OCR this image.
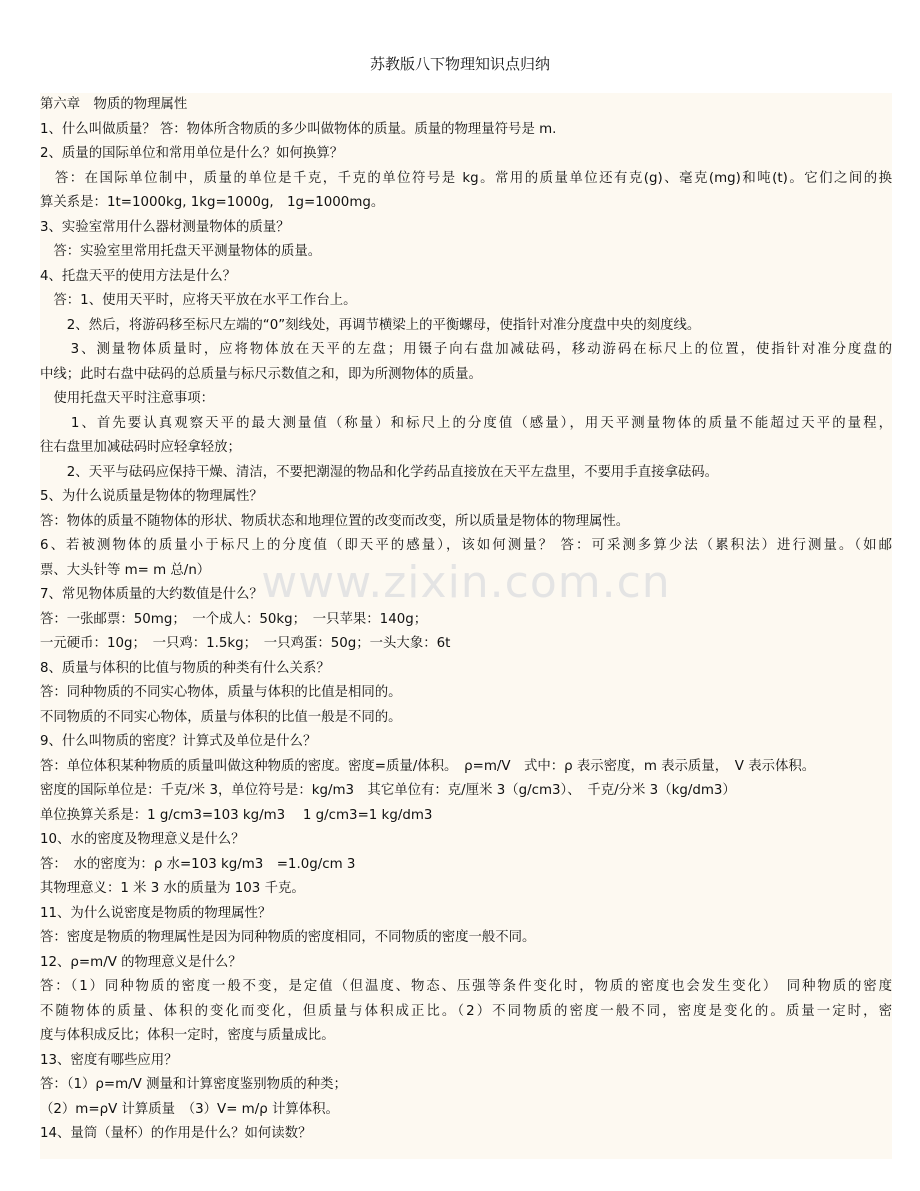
苏教版八下物理知识点归纳
第六章　物质的物理属性
1、什么叫做质量？ 答：物体所含物质的多少叫做物体的质量。质量的物理量符号是 m.
2、质量的国际单位和常用单位是什么？如何换算？
　答：在国际单位制中，质量的单位是千克，千克的单位符号是 kg。常用的质量单位还有克(g)、毫克(mg)和吨(t)。它们之间的换
算关系是：1t=1000kg, 1kg=1000g,　1g=1000mg。
3、实验室常用什么器材测量物体的质量？
　答：实验室里常用托盘天平测量物体的质量。
4、托盘天平的使用方法是什么？
　答：1、使用天平时，应将天平放在水平工作台上。
　　2、然后，将游码移至标尺左端的“0”刻线处，再调节横梁上的平衡螺母，使指针对准分度盘中央的刻度线。
　　3、测量物体质量时，应将物体放在天平的左盘；用镊子向右盘加减砝码，移动游码在标尺上的位置，使指针对准分度盘的
中线；此时右盘中砝码的总质量与标尺示数值之和，即为所测物体的质量。
　使用托盘天平时注意事项：
　　1、首先要认真观察天平的最大测量值（称量）和标尺上的分度值（感量），用天平测量物体的质量不能超过天平的量程，
往右盘里加减砝码时应轻拿轻放；
　　2、天平与砝码应保持干燥、清洁，不要把潮湿的物品和化学药品直接放在天平左盘里，不要用手直接拿砝码。
5、为什么说质量是物体的物理属性？
答：物体的质量不随物体的形状、物质状态和地理位置的改变而改变，所以质量是物体的物理属性。
6、若被测物体的质量小于标尺上的分度值（即天平的感量），该如何测量？ 答：可采测多算少法（累积法）进行测量。（如邮
票、大头针等 m= m 总/n）
7、常见物体质量的大约数值是什么？
答：一张邮票：50mg；　一个成人：50kg；　一只苹果：140g；
一元硬币：10g；　一只鸡：1.5kg；　一只鸡蛋：50g；一头大象：6t
8、质量与体积的比值与物质的种类有什么关系？
答：同种物质的不同实心物体，质量与体积的比值是相同的。
不同物质的不同实心物体，质量与体积的比值一般是不同的。
9、什么叫物质的密度？计算式及单位是什么？
答：单位体积某种物质的质量叫做这种物质的密度。密度=质量/体积。　ρ=m/V　式中：ρ 表示密度，m 表示质量，　V 表示体积。
密度的国际单位是：千克/米 3，单位符号是：kg/m3　其它单位有：克/厘米 3（g/cm3）、　千克/分米 3（kg/dm3）
单位换算关系是：1 g/cm3=103 kg/m3　 1 g/cm3=1 kg/dm3
10、水的密度及物理意义是什么？
答：　水的密度为：ρ 水=103 kg/m3　=1.0g/cm 3
其物理意义：1 米 3 水的质量为 103 千克。
11、为什么说密度是物质的物理属性？
答：密度是物质的物理属性是因为同种物质的密度相同，不同物质的密度一般不同。
12、ρ=m/V 的物理意义是什么？
答：（1）同种物质的密度一般不变，是定值（但温度、物态、压强等条件变化时，物质的密度也会发生变化）　同种物质的密度
不随物体的质量、体积的变化而变化，但质量与体积成正比。（2）不同物质的密度一般不同，密度是变化的。质量一定时，密
度与体积成反比；体积一定时，密度与质量成比。
13、密度有哪些应用？
答：（1）ρ=m/V 测量和计算密度鉴别物质的种类；
（2）m=ρV 计算质量　（3）V= m/ρ 计算体积。
14、量筒（量杯）的作用是什么？如何读数？
www.zixin.com.cn
